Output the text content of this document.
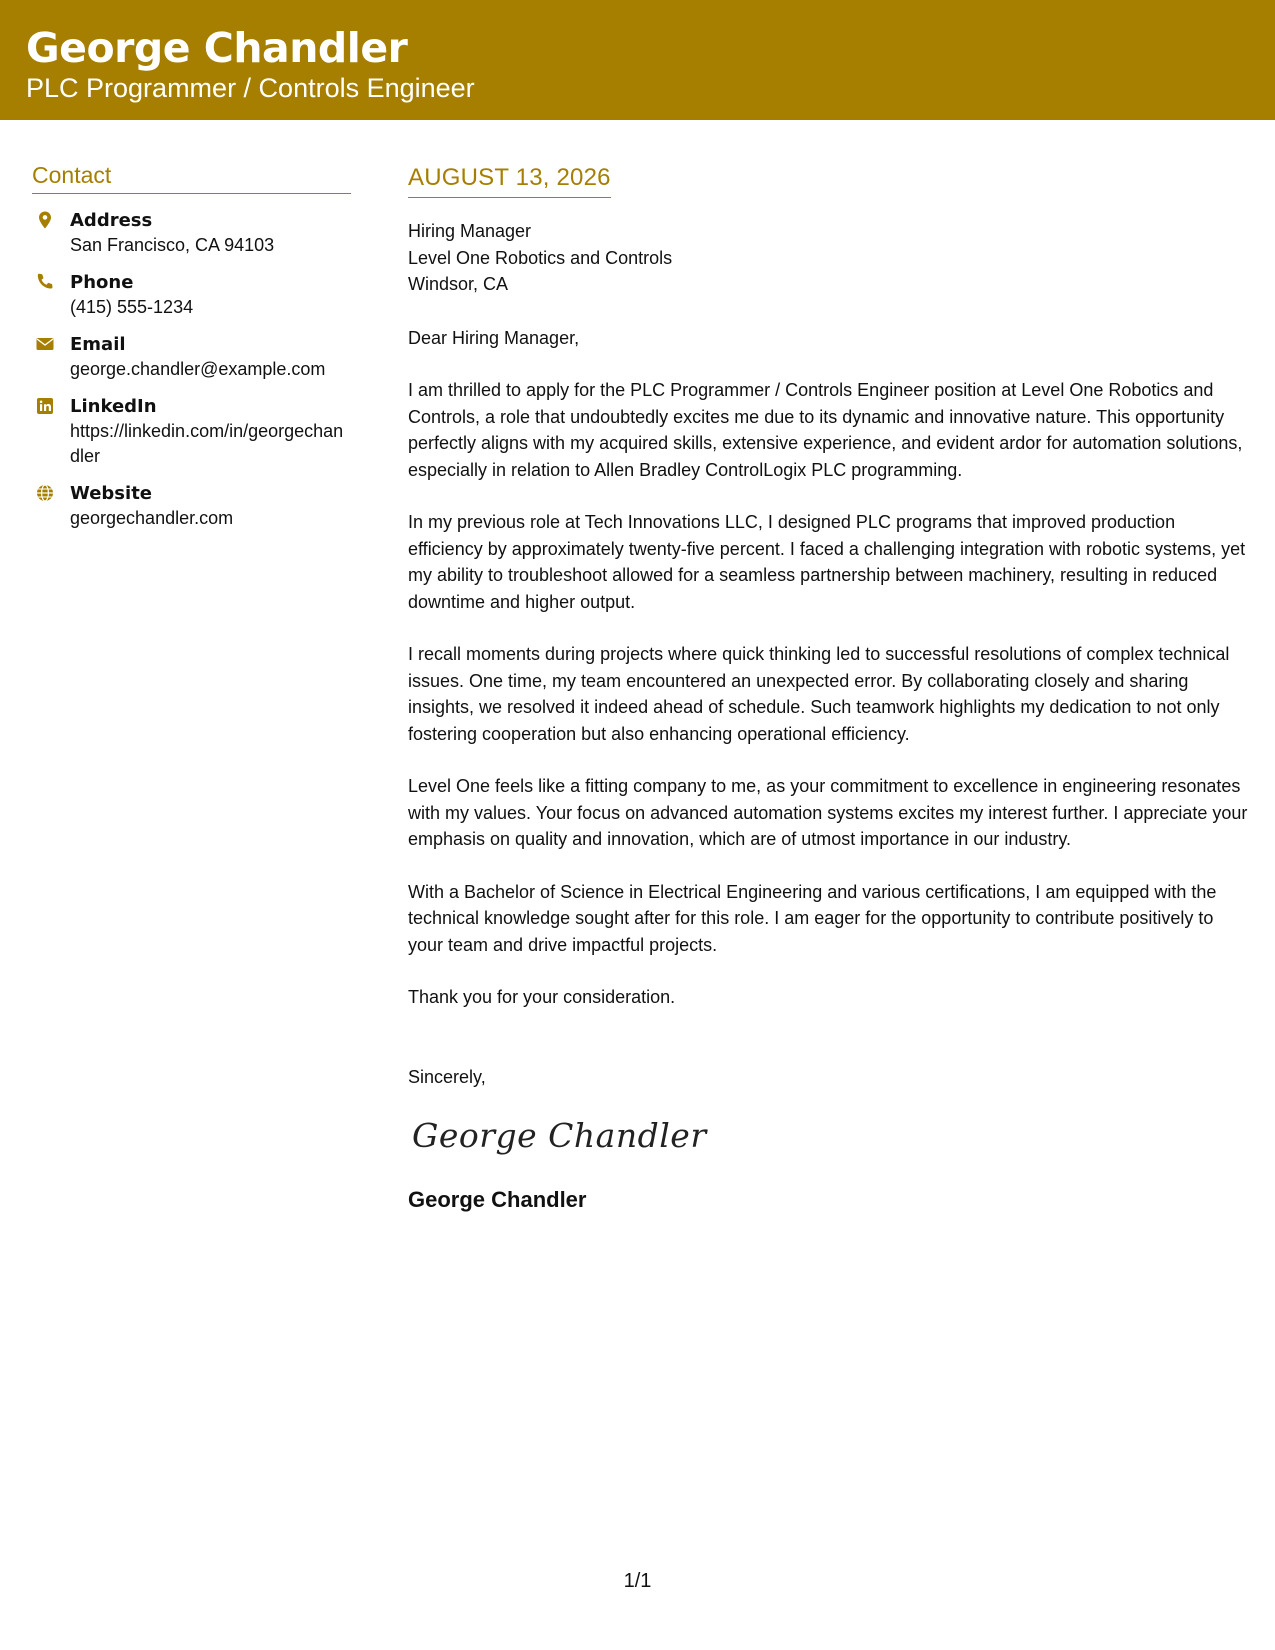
George Chandler
PLC Programmer / Controls Engineer
Contact
Address
San Francisco, CA 94103
Phone
(415) 555-1234
Email
george.chandler@example.com
LinkedIn
https://linkedin.com/in/georgechandler
Website
georgechandler.com
AUGUST 13, 2026
Hiring Manager
Level One Robotics and Controls
Windsor, CA
Dear Hiring Manager,
I am thrilled to apply for the PLC Programmer / Controls Engineer position at Level One Robotics and Controls, a role that undoubtedly excites me due to its dynamic and innovative nature. This opportunity perfectly aligns with my acquired skills, extensive experience, and evident ardor for automation solutions, especially in relation to Allen Bradley ControlLogix PLC programming.
In my previous role at Tech Innovations LLC, I designed PLC programs that improved production efficiency by approximately twenty-five percent. I faced a challenging integration with robotic systems, yet my ability to troubleshoot allowed for a seamless partnership between machinery, resulting in reduced downtime and higher output.
I recall moments during projects where quick thinking led to successful resolutions of complex technical issues. One time, my team encountered an unexpected error. By collaborating closely and sharing insights, we resolved it indeed ahead of schedule. Such teamwork highlights my dedication to not only fostering cooperation but also enhancing operational efficiency.
Level One feels like a fitting company to me, as your commitment to excellence in engineering resonates with my values. Your focus on advanced automation systems excites my interest further. I appreciate your emphasis on quality and innovation, which are of utmost importance in our industry.
With a Bachelor of Science in Electrical Engineering and various certifications, I am equipped with the technical knowledge sought after for this role. I am eager for the opportunity to contribute positively to your team and drive impactful projects.
Thank you for your consideration.
Sincerely,
George Chandler
George Chandler
1/1
